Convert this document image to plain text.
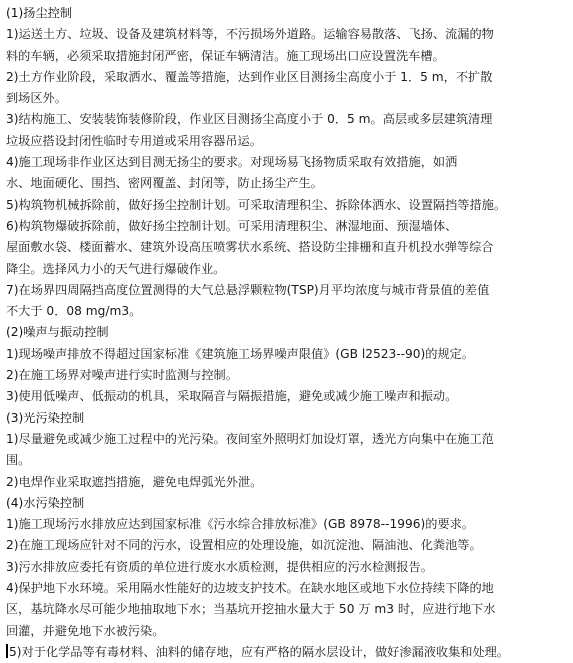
(1)扬尘控制
1)运送土方、垃圾、设备及建筑材料等，不污损场外道路。运输容易散落、飞扬、流漏的物
料的车辆，必须采取措施封闭严密，保证车辆清洁。施工现场出口应设置洗车槽。
2)土方作业阶段，采取洒水、覆盖等措施，达到作业区目测扬尘高度小于 1．5 m，不扩散
到场区外。
3)结构施工、安装装饰装修阶段，作业区目测扬尘高度小于 0．5 m。高层或多层建筑清理
垃圾应搭设封闭性临时专用道或采用容器吊运。
4)施工现场非作业区达到目测无扬尘的要求。对现场易飞扬物质采取有效措施，如洒
水、地面硬化、围挡、密网覆盖、封闭等，防止扬尘产生。
5)构筑物机械拆除前，做好扬尘控制计划。可采取清理积尘、拆除体洒水、设置隔挡等措施。
6)构筑物爆破拆除前，做好扬尘控制计划。可采用清理积尘、淋湿地面、预湿墙体、
屋面敷水袋、楼面蓄水、建筑外设高压喷雾状水系统、搭设防尘排栅和直升机投水弹等综合
降尘。选择风力小的天气进行爆破作业。
7)在场界四周隔挡高度位置测得的大气总悬浮颗粒物(TSP)月平均浓度与城市背景值的差值
不大于 0．08 mg/m3。
(2)噪声与振动控制
1)现场噪声排放不得超过国家标准《建筑施工场界噪声限值》(GB l2523--90)的规定。
2)在施工场界对噪声进行实时监测与控制。
3)使用低噪声、低振动的机具，采取隔音与隔振措施，避免或减少施工噪声和振动。
(3)光污染控制
1)尽量避免或减少施工过程中的光污染。夜间室外照明灯加设灯罩，透光方向集中在施工范
围。
2)电焊作业采取遮挡措施，避免电焊弧光外泄。
(4)水污染控制
1)施工现场污水排放应达到国家标准《污水综合排放标准》(GB 8978--1996)的要求。
2)在施工现场应针对不同的污水，设置相应的处理设施，如沉淀池、隔油池、化粪池等。
3)污水排放应委托有资质的单位进行废水水质检测，提供相应的污水检测报告。
4)保护地下水环境。采用隔水性能好的边坡支护技术。在缺水地区或地下水位持续下降的地
区，基坑降水尽可能少地抽取地下水；当基坑开挖抽水量大于 50 万 m3 时，应进行地下水
回灌，并避免地下水被污染。
5)对于化学品等有毒材料、油料的储存地，应有严格的隔水层设计，做好渗漏液收集和处理。
